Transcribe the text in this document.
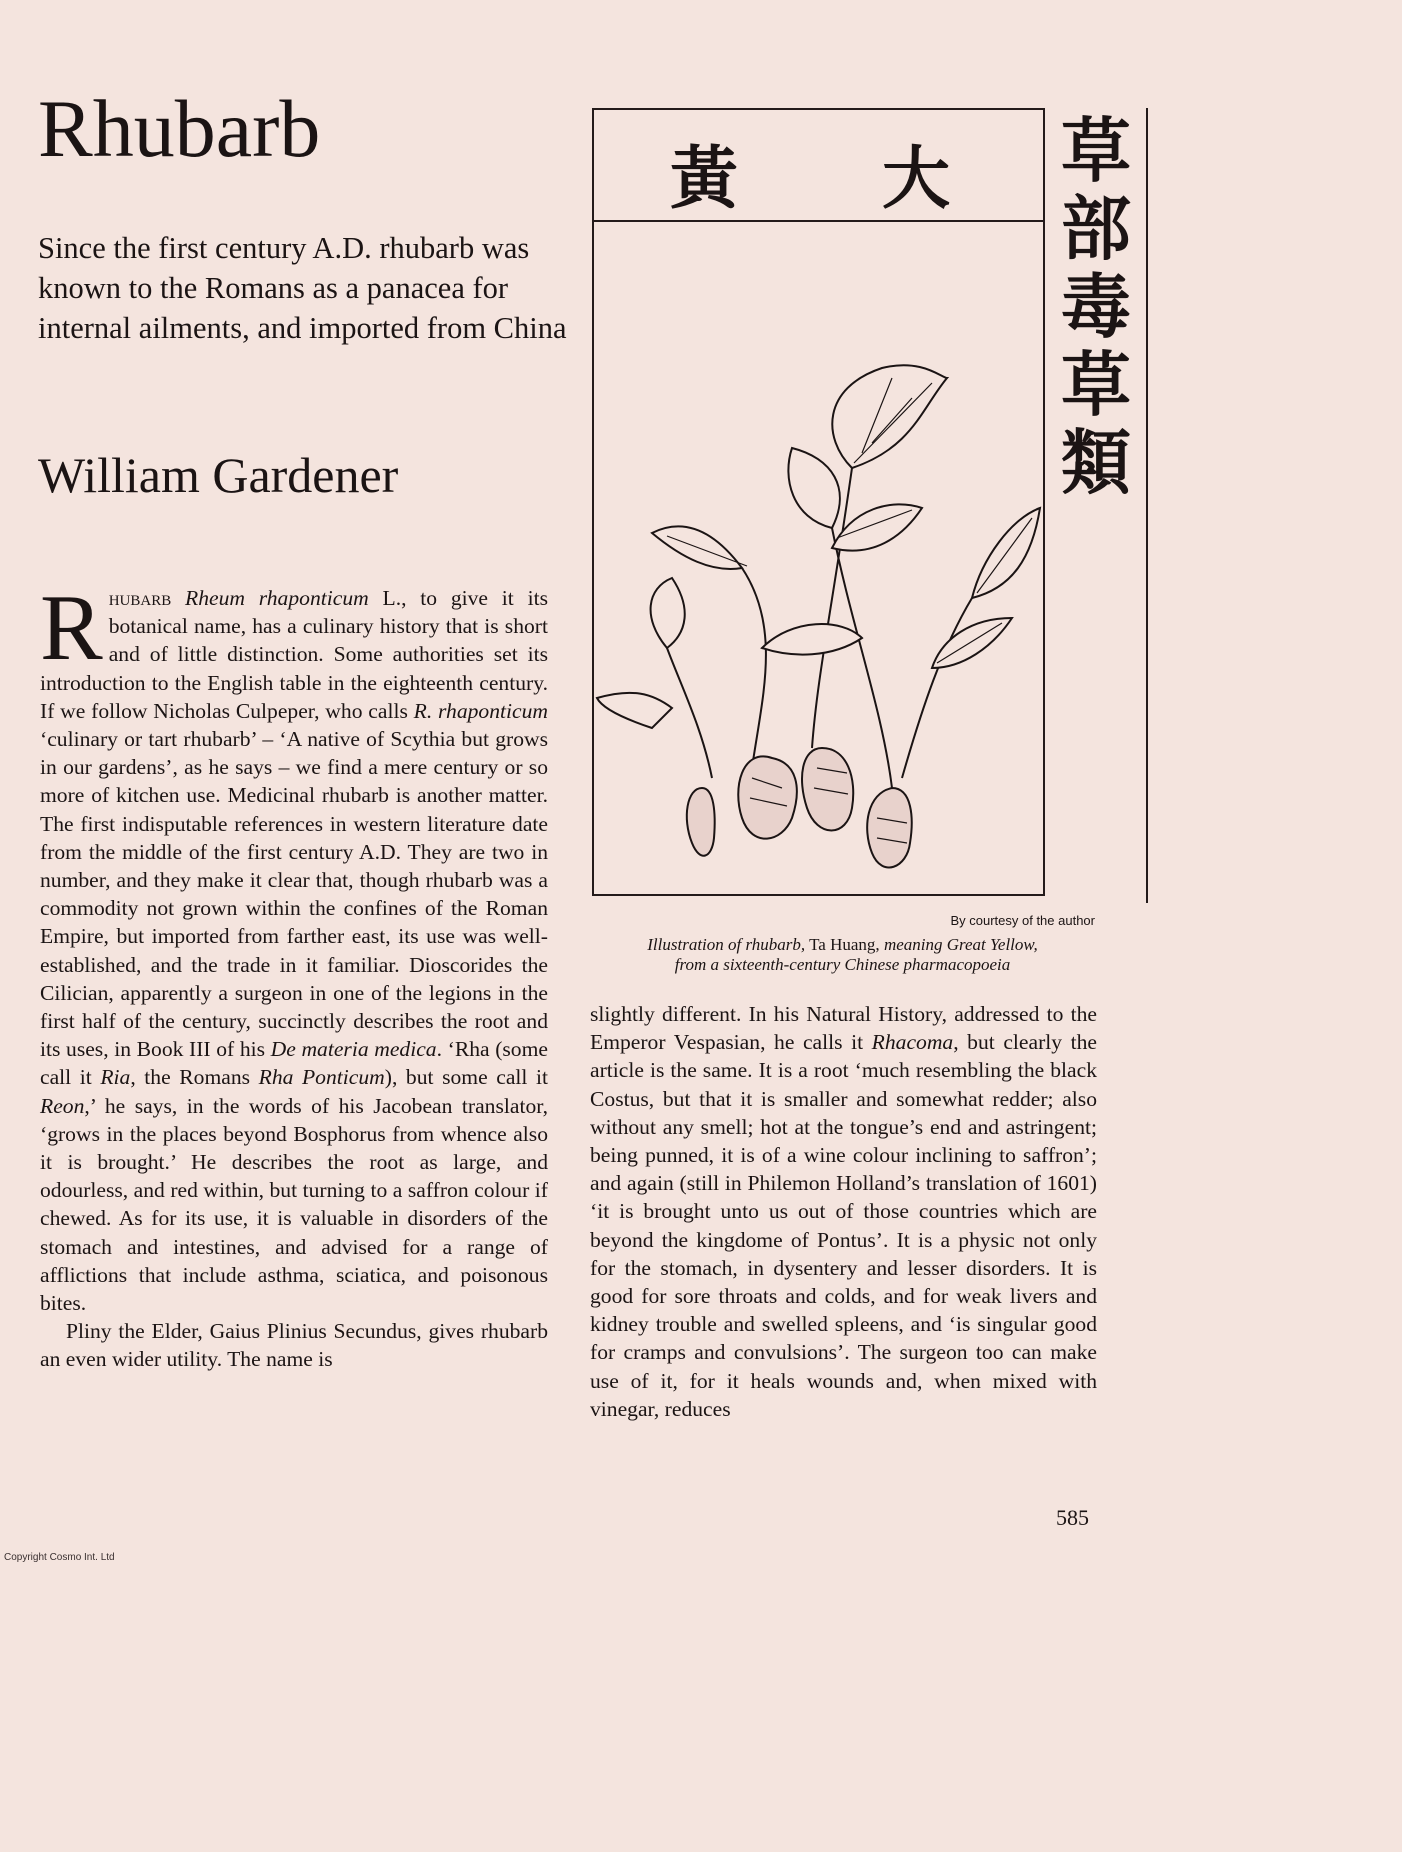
Rhubarb

Since the first century A.D. rhubarb was known to the Romans as a panacea for internal ailments, and imported from China

William Gardener

Rhubarb Rheum rhaponticum L., to give it its botanical name, has a culinary history that is short and of little distinction. Some authorities set its introduction to the English table in the eighteenth century. If we follow Nicholas Culpeper, who calls R. rhaponticum ‘culinary or tart rhubarb’ – ‘A native of Scythia but grows in our gardens’, as he says – we find a mere century or so more of kitchen use. Medicinal rhubarb is another matter. The first indisputable references in western literature date from the middle of the first century A.D. They are two in number, and they make it clear that, though rhubarb was a commodity not grown within the confines of the Roman Empire, but imported from farther east, its use was well-established, and the trade in it familiar. Dioscorides the Cilician, apparently a surgeon in one of the legions in the first half of the century, succinctly describes the root and its uses, in Book III of his De materia medica. ‘Rha (some call it Ria, the Romans Rha Ponticum), but some call it Reon,’ he says, in the words of his Jacobean translator, ‘grows in the places beyond Bosphorus from whence also it is brought.’ He describes the root as large, and odourless, and red within, but turning to a saffron colour if chewed. As for its use, it is valuable in disorders of the stomach and intestines, and advised for a range of afflictions that include asthma, sciatica, and poisonous bites.

Pliny the Elder, Gaius Plinius Secundus, gives rhubarb an even wider utility. The name is

黃 大 草
部
毒
草
類

By courtesy of the author

Illustration of rhubarb, Ta Huang, meaning Great Yellow,
from a sixteenth-century Chinese pharmacopoeia

slightly different. In his Natural History, addressed to the Emperor Vespasian, he calls it Rhacoma, but clearly the article is the same. It is a root ‘much resembling the black Costus, but that it is smaller and somewhat redder; also without any smell; hot at the tongue’s end and astringent; being punned, it is of a wine colour inclining to saffron’; and again (still in Philemon Holland’s translation of 1601) ‘it is brought unto us out of those countries which are beyond the kingdome of Pontus’. It is a physic not only for the stomach, in dysentery and lesser disorders. It is good for sore throats and colds, and for weak livers and kidney trouble and swelled spleens, and ‘is singular good for cramps and convulsions’. The surgeon too can make use of it, for it heals wounds and, when mixed with vinegar, reduces

585

Copyright Cosmo Int. Ltd
